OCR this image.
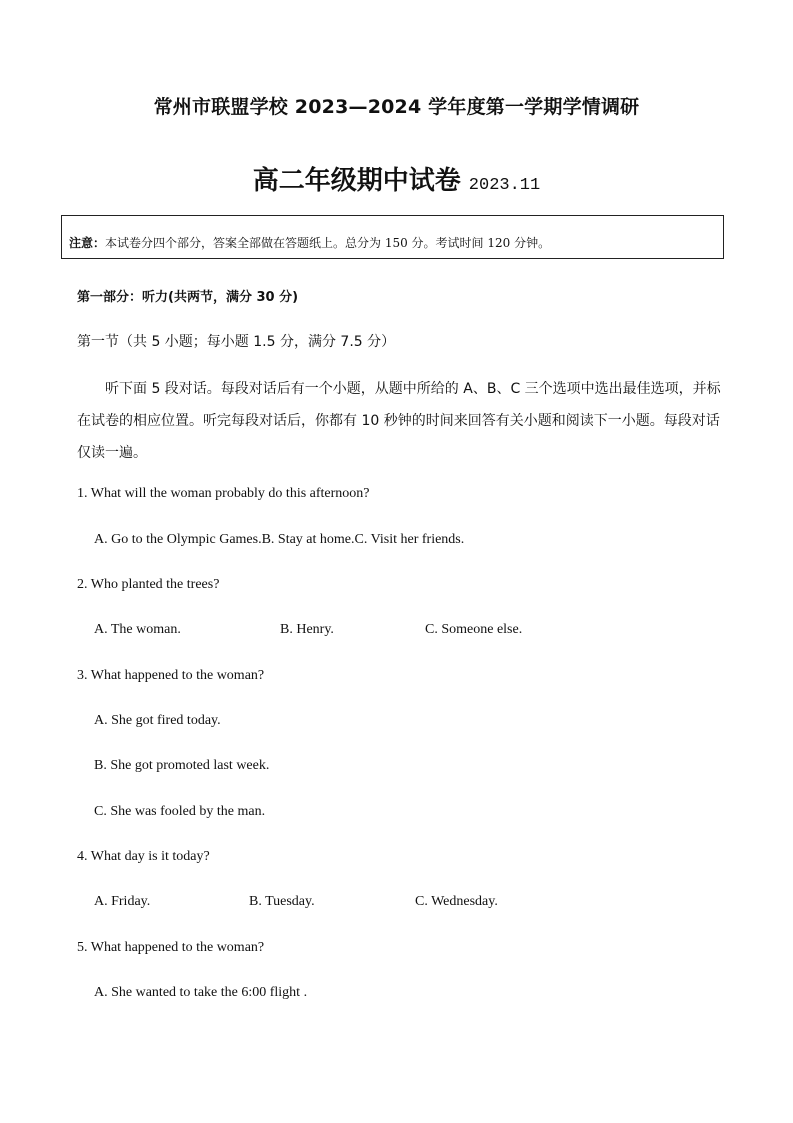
常州市联盟学校 2023—2024 学年度第一学期学情调研
高二年级期中试卷 2023.11
注意：本试卷分四个部分，答案全部做在答题纸上。总分为 150 分。考试时间 120 分钟。
第一部分：听力(共两节，满分 30 分)
第一节（共 5 小题；每小题 1.5 分，满分 7.5 分）
听下面 5 段对话。每段对话后有一个小题，从题中所给的 A、B、C 三个选项中选出最佳选项，并标在试卷的相应位置。听完每段对话后，你都有 10 秒钟的时间来回答有关小题和阅读下一小题。每段对话仅读一遍。
1. What will the woman probably do this afternoon?
A. Go to the Olympic Games.B. Stay at home.C. Visit her friends.
2. Who planted the trees?
A. The woman.	B. Henry.	C. Someone else.
3. What happened to the woman?
A. She got fired today.
B. She got promoted last week.
C. She was fooled by the man.
4. What day is it today?
A. Friday.	B. Tuesday.	C. Wednesday.
5. What happened to the woman?
A. She wanted to take the 6:00 flight .
